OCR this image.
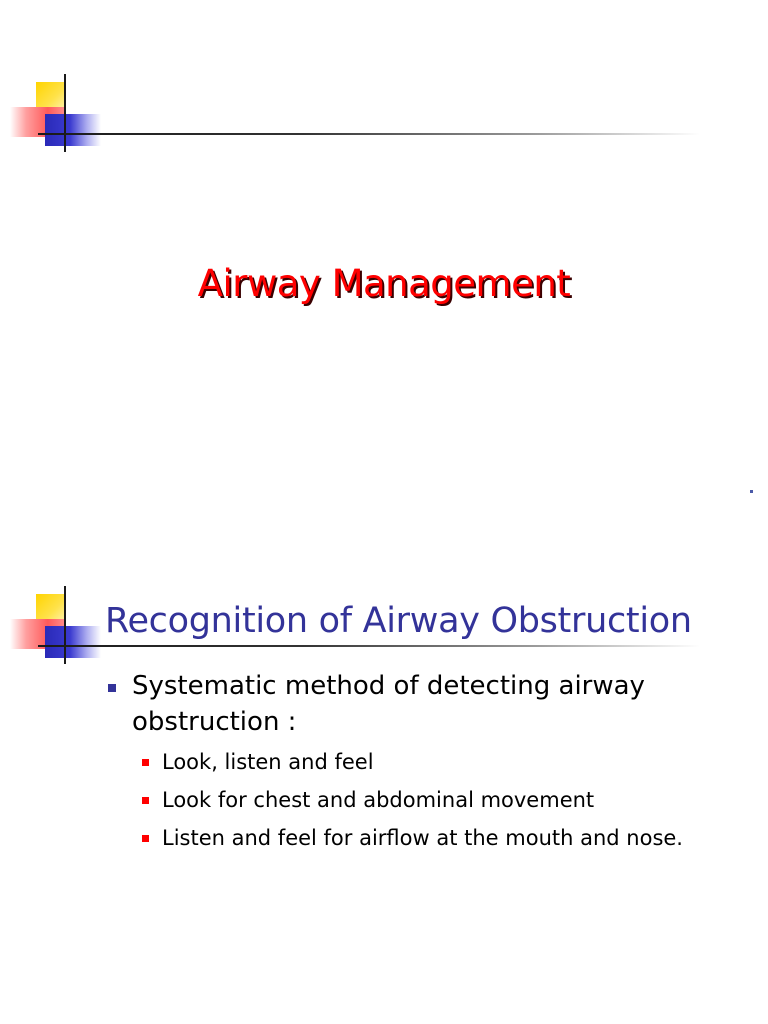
Airway Management
Recognition of Airway Obstruction
Systematic method of detecting airway obstruction :
Look, listen and feel
Look for chest and abdominal movement
Listen and feel for airflow at the mouth and nose.
